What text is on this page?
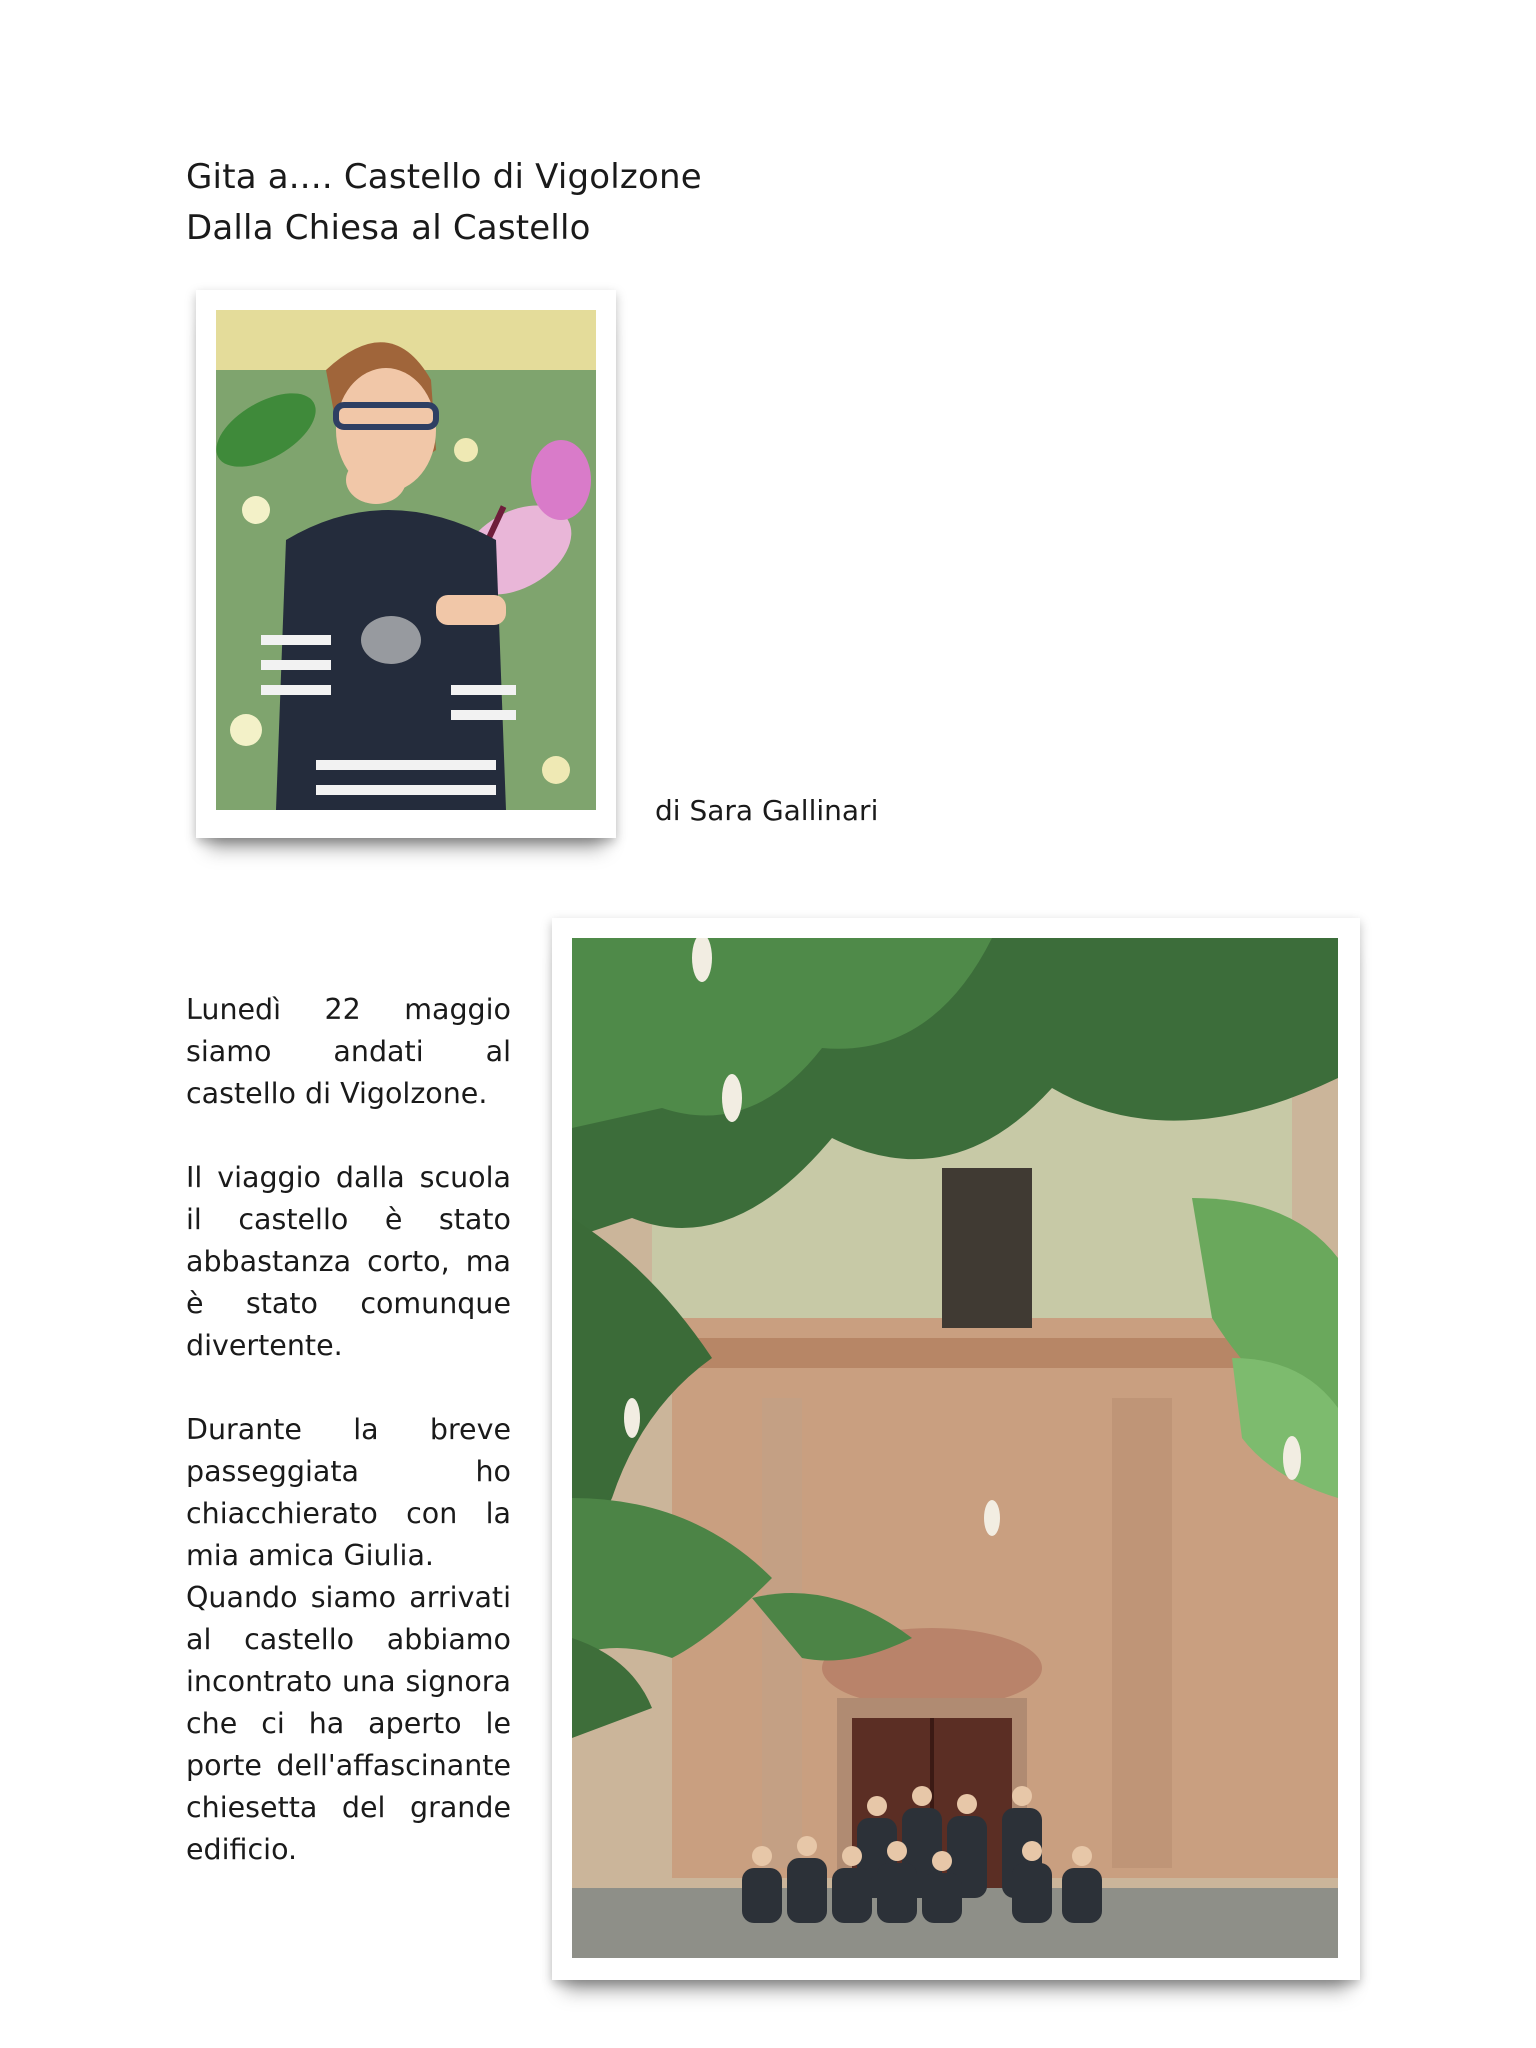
Gita a.... Castello di Vigolzone
Dalla Chiesa al Castello

di Sara Gallinari

Lunedì 22 maggio siamo andati al castello di Vigolzone.

Il viaggio dalla scuola il castello è stato abbastanza corto, ma è stato comunque divertente.

Durante la breve passeggiata ho chiacchierato con la mia amica Giulia.

Quando siamo arrivati al castello abbiamo incontrato una signora che ci ha aperto le porte dell'affascinante chiesetta del grande edificio.
